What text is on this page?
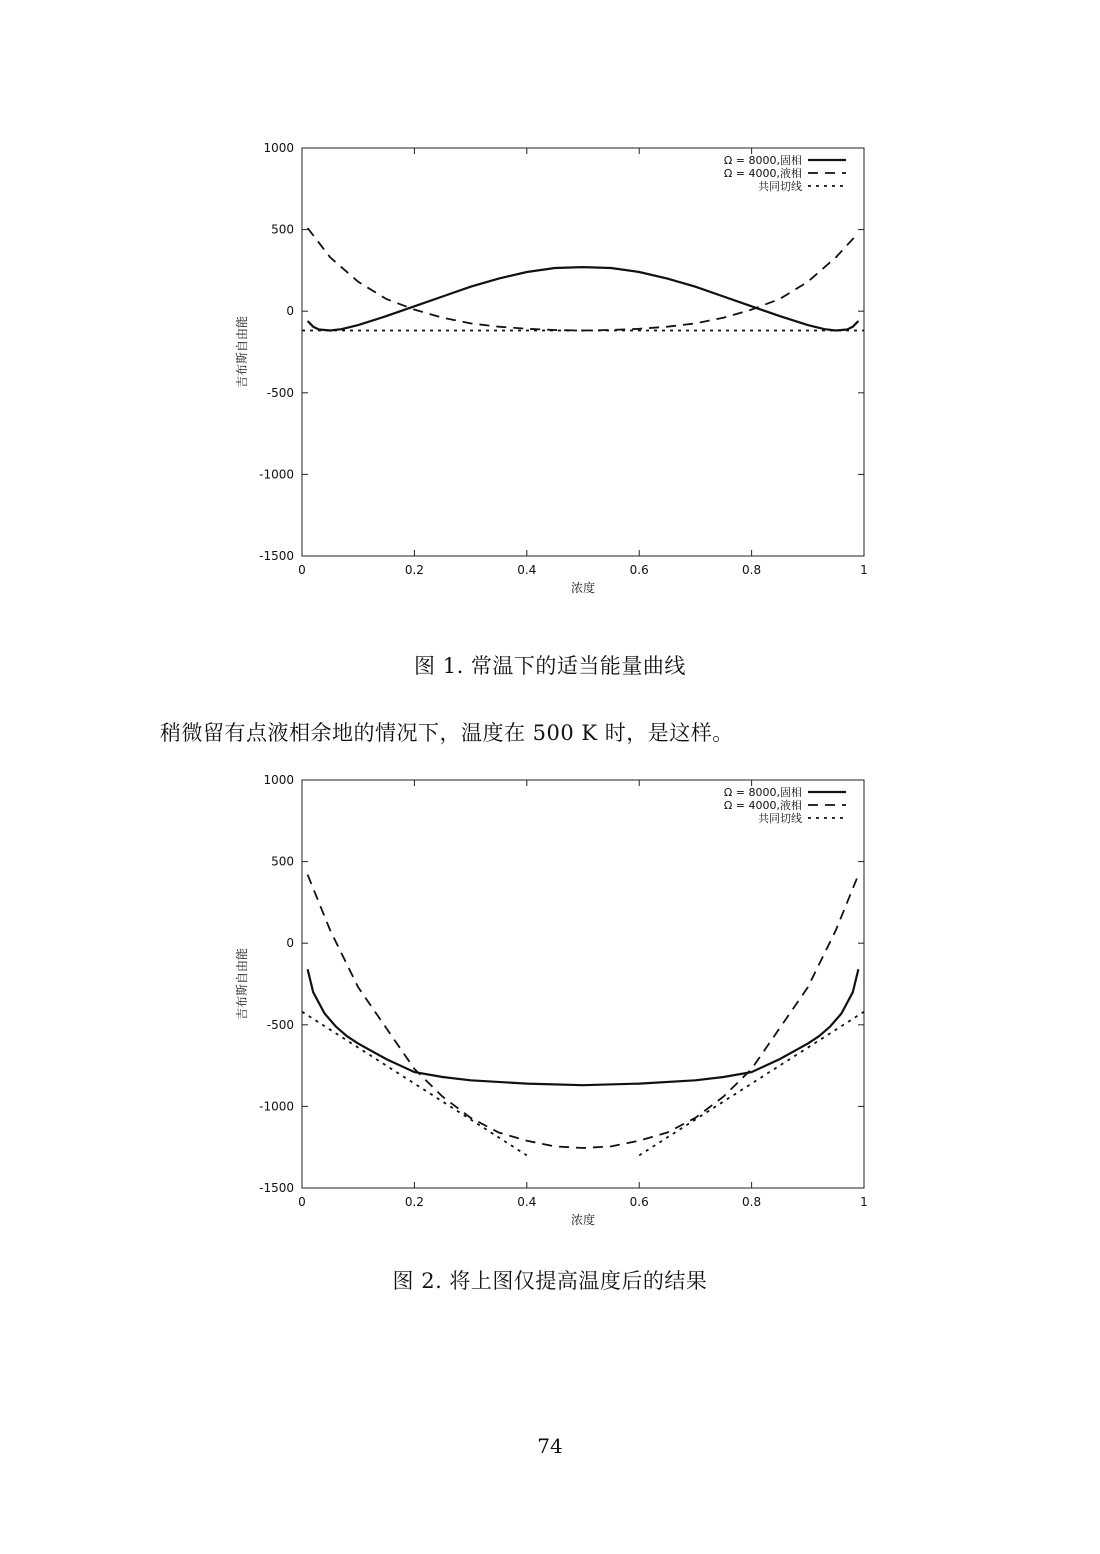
1000
500
0
-500
-1000
-1500
0	0.2	0.4	0.6	0.8	1
浓度
吉布斯自由能
Ω = 8000,固相
Ω = 4000,液相
共同切线
图 1. 常温下的适当能量曲线
稍微留有点液相余地的情况下，温度在 500 K 时，是这样。
1000
500
0
-500
-1000
-1500
0	0.2	0.4	0.6	0.8	1
浓度
吉布斯自由能
Ω = 8000,固相
Ω = 4000,液相
共同切线
图 2. 将上图仅提高温度后的结果
74
